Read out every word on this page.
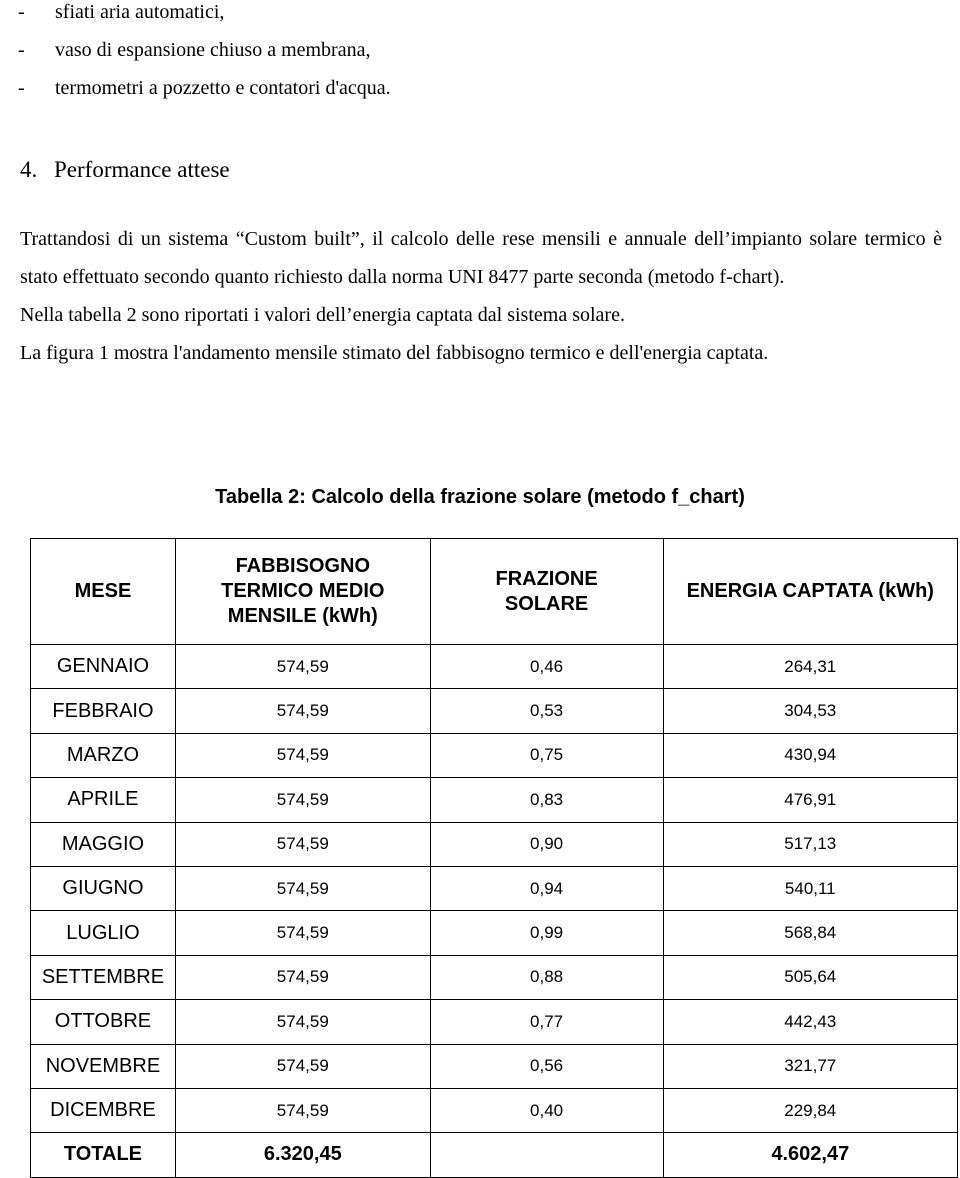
- sfiati aria automatici,
- vaso di espansione chiuso a membrana,
- termometri a pozzetto e contatori d'acqua.
4. Performance attese

Trattandosi di un sistema “Custom built”, il calcolo delle rese mensili e annuale dell’impianto solare termico è stato effettuato secondo quanto richiesto dalla norma UNI 8477 parte seconda (metodo f-chart).

Nella tabella 2 sono riportati i valori dell’energia captata dal sistema solare.

La figura 1 mostra l'andamento mensile stimato del fabbisogno termico e dell'energia captata.

Tabella 2: Calcolo della frazione solare (metodo f_chart)
MESE	FABBISOGNO TERMICO MEDIO MENSILE (kWh)	FRAZIONE SOLARE	ENERGIA CAPTATA (kWh)
GENNAIO	574,59	0,46	264,31
FEBBRAIO	574,59	0,53	304,53
MARZO	574,59	0,75	430,94
APRILE	574,59	0,83	476,91
MAGGIO	574,59	0,90	517,13
GIUGNO	574,59	0,94	540,11
LUGLIO	574,59	0,99	568,84
SETTEMBRE	574,59	0,88	505,64
OTTOBRE	574,59	0,77	442,43
NOVEMBRE	574,59	0,56	321,77
DICEMBRE	574,59	0,40	229,84
TOTALE	6.320,45		4.602,47
